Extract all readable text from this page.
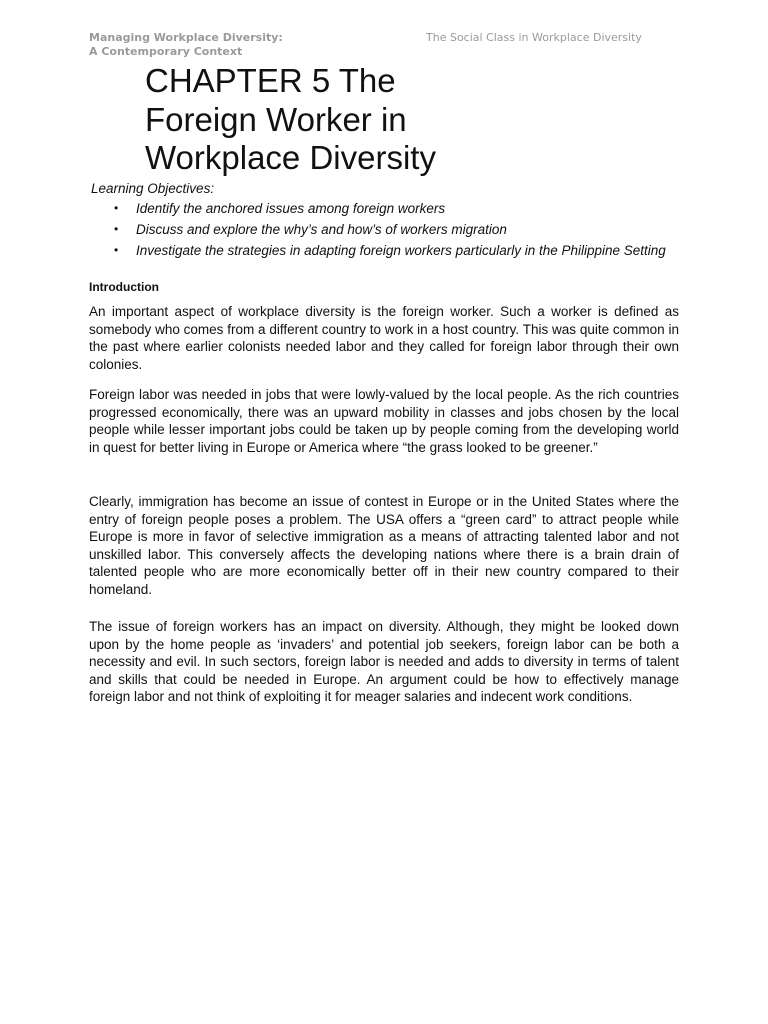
Managing Workplace Diversity:
A Contemporary Context
The Social Class in Workplace Diversity
CHAPTER 5 The
Foreign Worker in
Workplace Diversity
Learning Objectives:
• Identify the anchored issues among foreign workers
• Discuss and explore the why’s and how’s of workers migration
• Investigate the strategies in adapting foreign workers particularly in the Philippine Setting
Introduction

An important aspect of workplace diversity is the foreign worker. Such a worker is defined as somebody who comes from a different country to work in a host country. This was quite common in the past where earlier colonists needed labor and they called for foreign labor through their own colonies.

Foreign labor was needed in jobs that were lowly-valued by the local people. As the rich countries progressed economically, there was an upward mobility in classes and jobs chosen by the local people while lesser important jobs could be taken up by people coming from the developing world in quest for better living in Europe or America where “the grass looked to be greener.”

Clearly, immigration has become an issue of contest in Europe or in the United States where the entry of foreign people poses a problem. The USA offers a “green card” to attract people while Europe is more in favor of selective immigration as a means of attracting talented labor and not unskilled labor. This conversely affects the developing nations where there is a brain drain of talented people who are more economically better off in their new country compared to their homeland.

The issue of foreign workers has an impact on diversity. Although, they might be looked down upon by the home people as ‘invaders’ and potential job seekers, foreign labor can be both a necessity and evil. In such sectors, foreign labor is needed and adds to diversity in terms of talent and skills that could be needed in Europe. An argument could be how to effectively manage foreign labor and not think of exploiting it for meager salaries and indecent work conditions.
